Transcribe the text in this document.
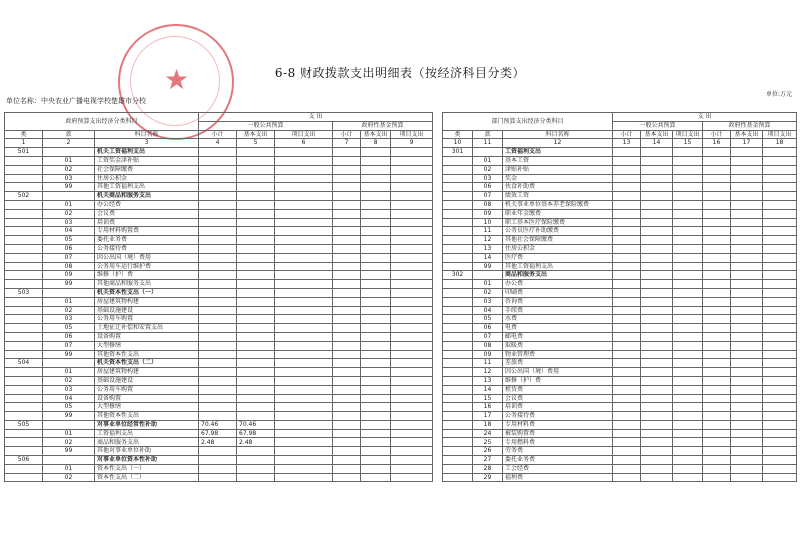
★	6-8 财政拨款支出明细表（按经济科目分类）
单位:万元
单位名称：中央农业广播电视学校楚雄市分校
政府预算支出经济分类科目			支 出					
			一般公共预算			政府性基金预算		
类	款	科目名称	小计	基本支出	项目支出	小计	基本支出	项目支出
1	2	3	4	5	6	7	8	9
501		机关工资福利支出						
	01	工资奖金津补贴						
	02	社会保障缴费						
	03	住房公积金						
	99	其他工资福利支出						
502		机关商品和服务支出						
	01	办公经费						
	02	会议费						
	03	培训费						
	04	专用材料购置费						
	05	委托业务费						
	06	公务接待费						
	07	因公出国（境）费用						
	08	公务用车运行维护费						
	09	维修（护）费						
	99	其他商品和服务支出						
503		机关资本性支出（一）						
	01	房屋建筑物构建						
	02	基础设施建设						
	03	公务用车购置						
	05	土地征迁补偿和安置支出						
	06	设备购置						
	07	大型修缮						
	99	其他资本性支出						
504		机关资本性支出（二）						
	01	房屋建筑物构建						
	02	基础设施建设						
	03	公务用车购置						
	04	设备购置						
	05	大型修缮						
	99	其他资本性支出						
505		对事业单位经常性补助	70.46	70.46				
	01	工资福利支出	67.98	67.98				
	02	商品和服务支出	2.48	2.48				
	99	其他对事业单位补助						
506		对事业单位资本性补助						
	01	资本性支出（一）						
	02	资本性支出（二）						
部门预算支出经济分类科目			支 出					
			一般公共预算			政府性基金预算		
类	款	科目名称	小计	基本支出	项目支出	小计	基本支出	项目支出
10	11	12	13	14	15	16	17	18
301		工资福利支出						
	01	基本工资						
	02	津贴补贴						
	03	奖金						
	06	伙食补助费						
	07	绩效工资						
	08	机关事业单位基本养老保险缴费						
	09	职业年金缴费						
	10	职工基本医疗保险缴费						
	11	公务员医疗补助缴费						
	12	其他社会保障缴费						
	13	住房公积金						
	14	医疗费						
	99	其他工资福利支出						
302		商品和服务支出						
	01	办公费						
	02	印刷费						
	03	咨询费						
	04	手续费						
	05	水费						
	06	电费						
	07	邮电费						
	08	取暖费						
	09	物业管理费						
	11	差旅费						
	12	因公出国（境）费用						
	13	维修（护）费						
	14	租赁费						
	15	会议费						
	16	培训费						
	17	公务接待费						
	18	专用材料费						
	24	被装购置费						
	25	专用燃料费						
	26	劳务费						
	27	委托业务费						
	28	工会经费						
	29	福利费						
